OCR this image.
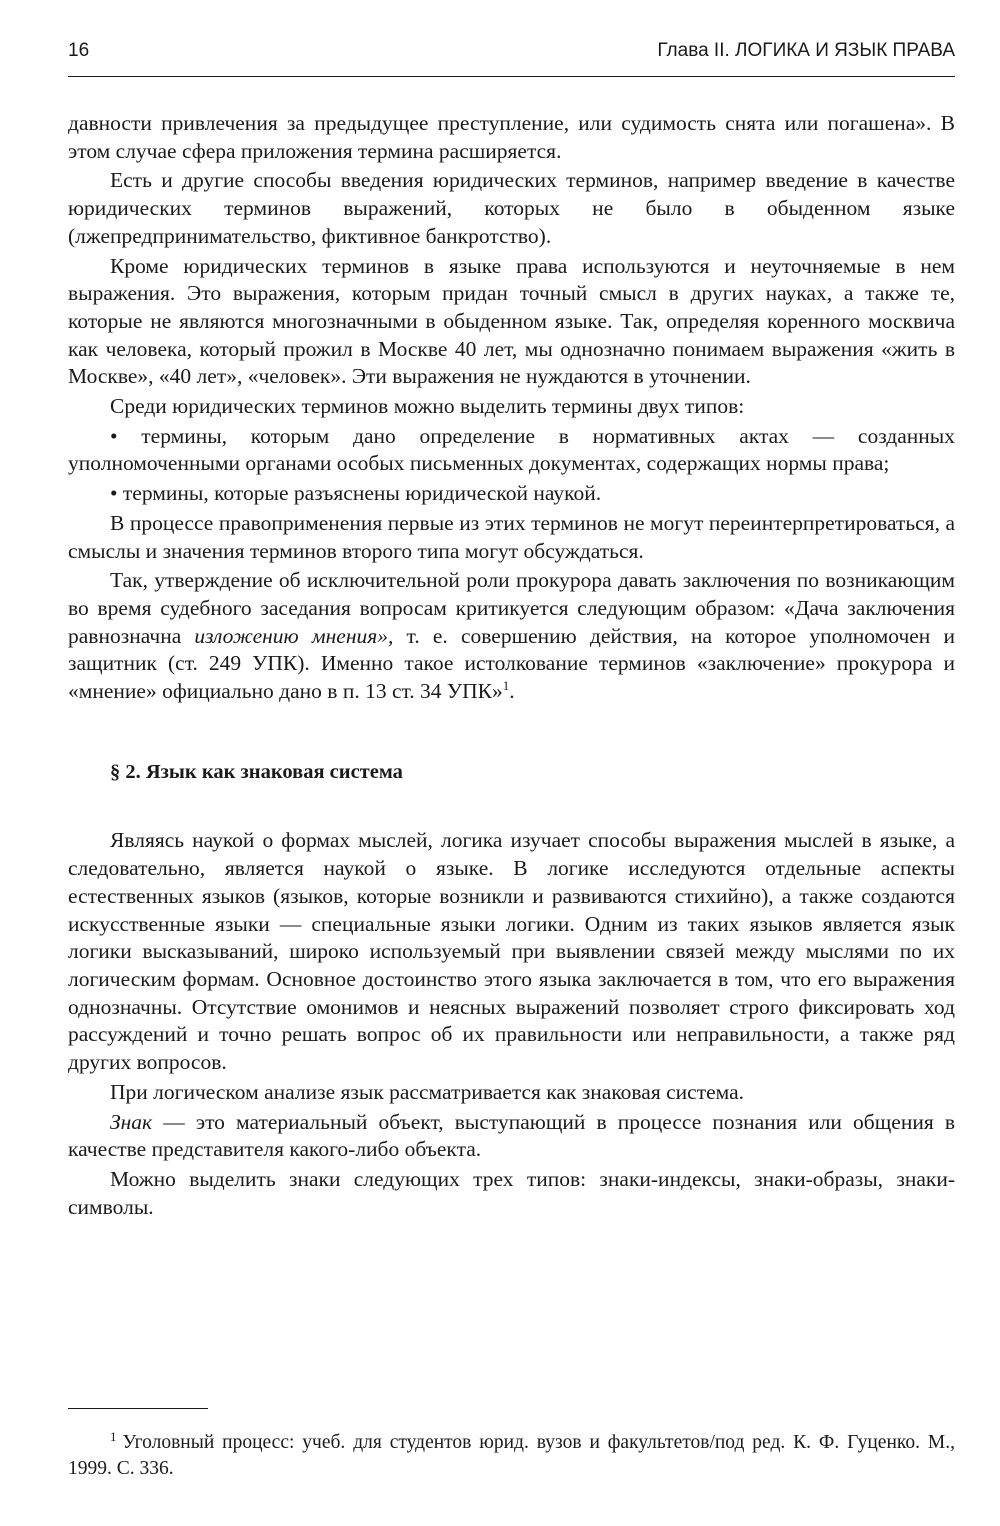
16	Глава II. ЛОГИКА И ЯЗЫК ПРАВА

давности привлечения за предыдущее преступление, или судимость снята или погашена». В этом случае сфера приложения термина расширяется.

Есть и другие способы введения юридических терминов, например введение в качестве юридических терминов выражений, которых не было в обыденном языке (лжепредпринимательство, фиктивное банкротство).

Кроме юридических терминов в языке права используются и неуточняемые в нем выражения. Это выражения, которым придан точный смысл в других науках, а также те, которые не являются многозначными в обыденном языке. Так, определяя коренного москвича как человека, который прожил в Москве 40 лет, мы однозначно понимаем выражения «жить в Москве», «40 лет», «человек». Эти выражения не нуждаются в уточнении.

Среди юридических терминов можно выделить термины двух типов:

• термины, которым дано определение в нормативных актах — созданных уполномоченными органами особых письменных документах, содержащих нормы права;

• термины, которые разъяснены юридической наукой.

В процессе правоприменения первые из этих терминов не могут переинтерпретироваться, а смыслы и значения терминов второго типа могут обсуждаться.

Так, утверждение об исключительной роли прокурора давать заключения по возникающим во время судебного заседания вопросам критикуется следующим образом: «Дача заключения равнозначна изложению мнения», т. е. совершению действия, на которое уполномочен и защитник (ст. 249 УПК). Именно такое истолкование терминов «заключение» прокурора и «мнение» официально дано в п. 13 ст. 34 УПК»$^1$.

§ 2. Язык как знаковая система

Являясь наукой о формах мыслей, логика изучает способы выражения мыслей в языке, а следовательно, является наукой о языке. В логике исследуются отдельные аспекты естественных языков (языков, которые возникли и развиваются стихийно), а также создаются искусственные языки — специальные языки логики. Одним из таких языков является язык логики высказываний, широко используемый при выявлении связей между мыслями по их логическим формам. Основное достоинство этого языка заключается в том, что его выражения однозначны. Отсутствие омонимов и неясных выражений позволяет строго фиксировать ход рассуждений и точно решать вопрос об их правильности или неправильности, а также ряд других вопросов.

При логическом анализе язык рассматривается как знаковая система.

Знак — это материальный объект, выступающий в процессе познания или общения в качестве представителя какого-либо объекта.

Можно выделить знаки следующих трех типов: знаки-индексы, знаки-образы, знаки-символы.

$^1$ Уголовный процесс: учеб. для студентов юрид. вузов и факультетов/под ред. К. Ф. Гуценко. М., 1999. С. 336.
